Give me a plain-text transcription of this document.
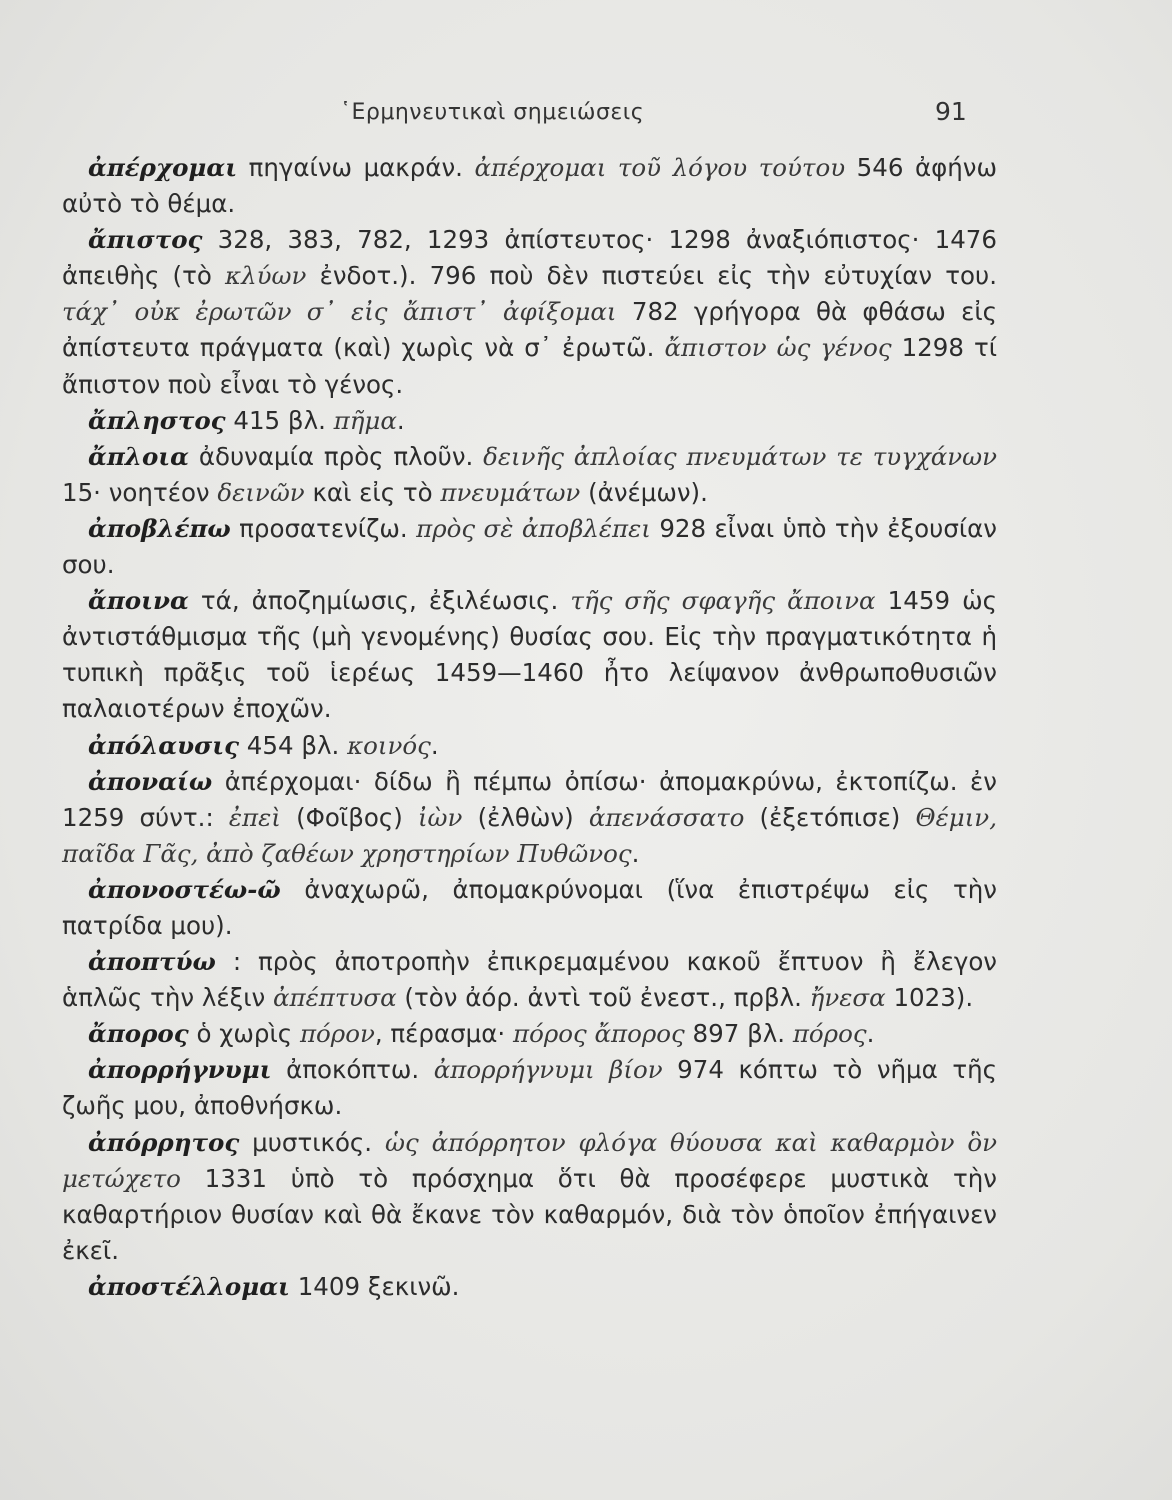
῾Ερμηνευτικαὶ σημειώσεις	91

ἀπέρχομαι πηγαίνω μακράν. ἀπέρχομαι τοῦ λόγου τούτου 546 ἀφήνω αὐτὸ τὸ θέμα.

ἄπιστος 328, 383, 782, 1293 ἀπίστευτος· 1298 ἀναξιόπιστος· 1476 ἀπειθὴς (τὸ κλύων ἐνδοτ.). 796 ποὺ δὲν πιστεύει εἰς τὴν εὐτυχίαν του. τάχ᾿ οὐκ ἐρωτῶν σ᾿ εἰς ἄπιστ᾿ ἀφίξομαι 782 γρήγορα θὰ φθάσω εἰς ἀπίστευτα πράγματα (καὶ) χωρὶς νὰ σ᾿ ἐρωτῶ. ἄπιστον ὡς γένος 1298 τί ἄπιστον ποὺ εἶναι τὸ γένος.

ἄπληστος 415 βλ. πῆμα.

ἄπλοια ἀδυναμία πρὸς πλοῦν. δεινῆς ἀπλοίας πνευμάτων τε τυγχάνων 15· νοητέον δεινῶν καὶ εἰς τὸ πνευμάτων (ἀνέμων).

ἀποβλέπω προσατενίζω. πρὸς σὲ ἀποβλέπει 928 εἶναι ὑπὸ τὴν ἐξουσίαν σου.

ἄποινα τά, ἀποζημίωσις, ἐξιλέωσις. τῆς σῆς σφαγῆς ἄποινα 1459 ὡς ἀντιστάθμισμα τῆς (μὴ γενομένης) θυσίας σου. Εἰς τὴν πραγματικότητα ἡ τυπικὴ πρᾶξις τοῦ ἱερέως 1459—1460 ἦτο λείψανον ἀνθρωποθυσιῶν παλαιοτέρων ἐποχῶν.

ἀπόλαυσις 454 βλ. κοινός.

ἀποναίω ἀπέρχομαι· δίδω ἢ πέμπω ὀπίσω· ἀπομακρύνω, ἐκτοπίζω. ἐν 1259 σύντ.: ἐπεὶ (Φοῖβος) ἰὼν (ἐλθὼν) ἀπενάσσατο (ἐξετόπισε) Θέμιν, παῖδα Γᾶς, ἀπὸ ζαθέων χρηστηρίων Πυθῶνος.

ἀπονοστέω-ῶ ἀναχωρῶ, ἀπομακρύνομαι (ἵνα ἐπιστρέψω εἰς τὴν πατρίδα μου).

ἀποπτύω : πρὸς ἀποτροπὴν ἐπικρεμαμένου κακοῦ ἔπτυον ἢ ἔλεγον ἁπλῶς τὴν λέξιν ἀπέπτυσα (τὸν ἀόρ. ἀντὶ τοῦ ἐνεστ., πρβλ. ἤνεσα 1023).

ἄπορος ὁ χωρὶς πόρον, πέρασμα· πόρος ἄπορος 897 βλ. πόρος.

ἀπορρήγνυμι ἀποκόπτω. ἀπορρήγνυμι βίον 974 κόπτω τὸ νῆμα τῆς ζωῆς μου, ἀποθνήσκω.

ἀπόρρητος μυστικός. ὡς ἀπόρρητον φλόγα θύουσα καὶ καθαρμὸν ὃν μετώχετο 1331 ὑπὸ τὸ πρόσχημα ὅτι θὰ προσέφερε μυστικὰ τὴν καθαρτήριον θυσίαν καὶ θὰ ἔκανε τὸν καθαρμόν, διὰ τὸν ὁποῖον ἐπήγαινεν ἐκεῖ.

ἀποστέλλομαι 1409 ξεκινῶ.
